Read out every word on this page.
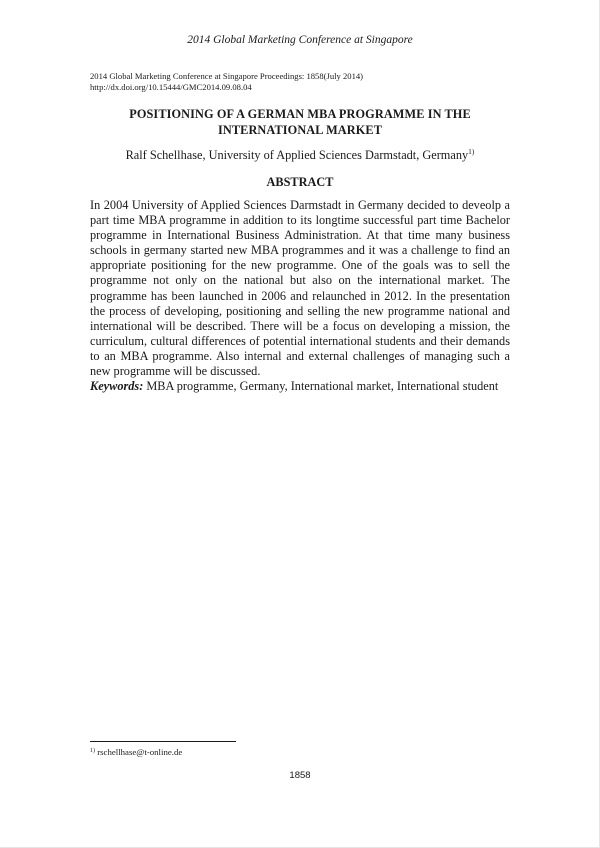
2014 Global Marketing Conference at Singapore
2014 Global Marketing Conference at Singapore Proceedings: 1858(July 2014)
http://dx.doi.org/10.15444/GMC2014.09.08.04
POSITIONING OF A GERMAN MBA PROGRAMME IN THE
INTERNATIONAL MARKET
Ralf Schellhase, University of Applied Sciences Darmstadt, Germany$^{1)}$
ABSTRACT

In 2004 University of Applied Sciences Darmstadt in Germany decided to deveolp a part time MBA programme in addition to its longtime successful part time Bachelor programme in International Business Administration. At that time many business schools in germany started new MBA programmes and it was a challenge to find an appropriate positioning for the new programme. One of the goals was to sell the programme not only on the national but also on the international market. The programme has been launched in 2006 and relaunched in 2012. In the presentation the process of developing, positioning and selling the new programme national and international will be described. There will be a focus on developing a mission, the curriculum, cultural differences of potential international students and their demands to an MBA programme. Also internal and external challenges of managing such a new programme will be discussed.

Keywords: MBA programme, Germany, International market, International student

$^{1)}$ rschellhase@t-online.de
1858
